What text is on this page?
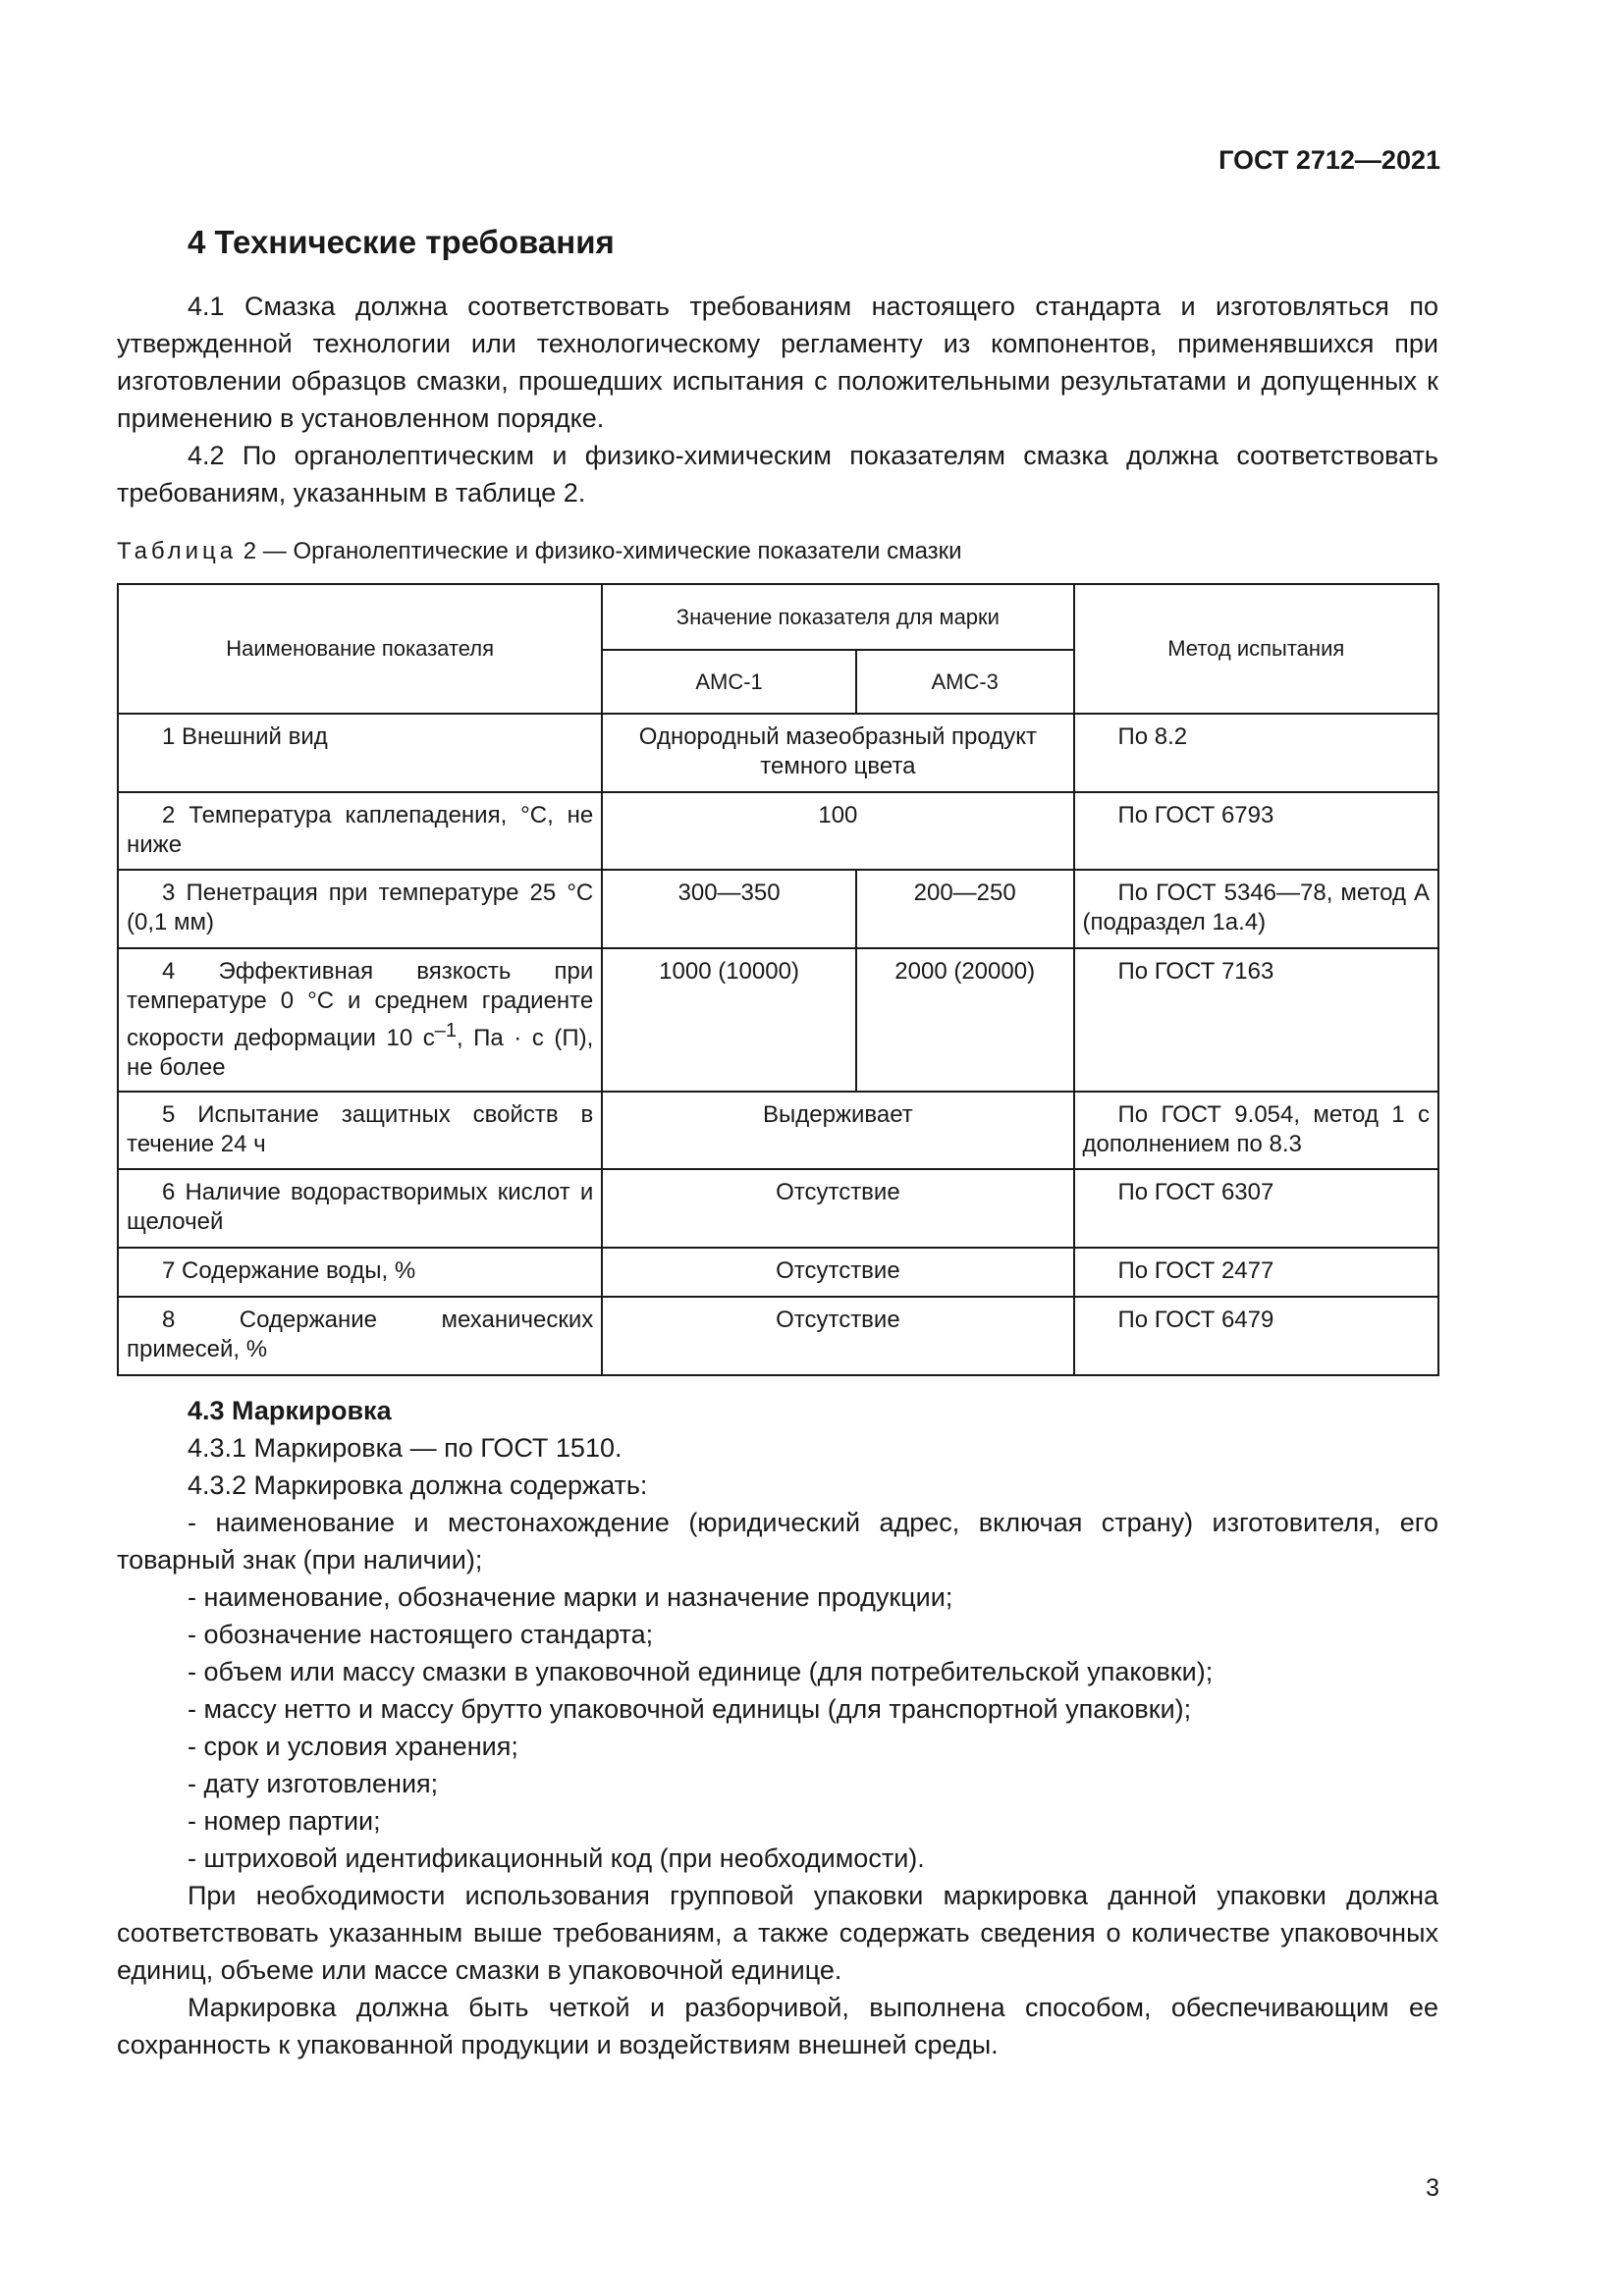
ГОСТ 2712—2021
4 Технические требования

4.1 Смазка должна соответствовать требованиям настоящего стандарта и изготовляться по утвержденной технологии или технологическому регламенту из компонентов, применявшихся при изготовлении образцов смазки, прошедших испытания с положительными результатами и допущенных к применению в установленном порядке.

4.2 По органолептическим и физико-химическим показателям смазка должна соответствовать требованиям, указанным в таблице 2.

Таблица 2 — Органолептические и физико-химические показатели смазки
Наименование показателя	Значение показателя для марки		Метод испытания
	АМС-1	АМС-3	
1 Внешний вид	Однородный мазеобразный продукт темного цвета		По 8.2
2 Температура каплепадения, °С, не ниже	100		По ГОСТ 6793
3 Пенетрация при температуре 25 °С (0,1 мм)	300—350	200—250	По ГОСТ 5346—78, метод А (подраздел 1а.4)
4 Эффективная вязкость при температуре 0 °С и среднем градиенте скорости деформации 10 $с^{-1}$, Па · с (П), не более	1000 (10000)	2000 (20000)	По ГОСТ 7163
5 Испытание защитных свойств в течение 24 ч	Выдерживает		По ГОСТ 9.054, метод 1 с дополнением по 8.3
6 Наличие водорастворимых кислот и щелочей	Отсутствие		По ГОСТ 6307
7 Содержание воды, %	Отсутствие		По ГОСТ 2477
8 Содержание механических примесей, %	Отсутствие		По ГОСТ 6479
4.3 Маркировка

4.3.1 Маркировка — по ГОСТ 1510.

4.3.2 Маркировка должна содержать:

- наименование и местонахождение (юридический адрес, включая страну) изготовителя, его товарный знак (при наличии);

- наименование, обозначение марки и назначение продукции;
- обозначение настоящего стандарта;
- объем или массу смазки в упаковочной единице (для потребительской упаковки);
- массу нетто и массу брутто упаковочной единицы (для транспортной упаковки);
- срок и условия хранения;
- дату изготовления;
- номер партии;
- штриховой идентификационный код (при необходимости).

При необходимости использования групповой упаковки маркировка данной упаковки должна соответствовать указанным выше требованиям, а также содержать сведения о количестве упаковочных единиц, объеме или массе смазки в упаковочной единице.

Маркировка должна быть четкой и разборчивой, выполнена способом, обеспечивающим ее сохранность к упакованной продукции и воздействиям внешней среды.

3
